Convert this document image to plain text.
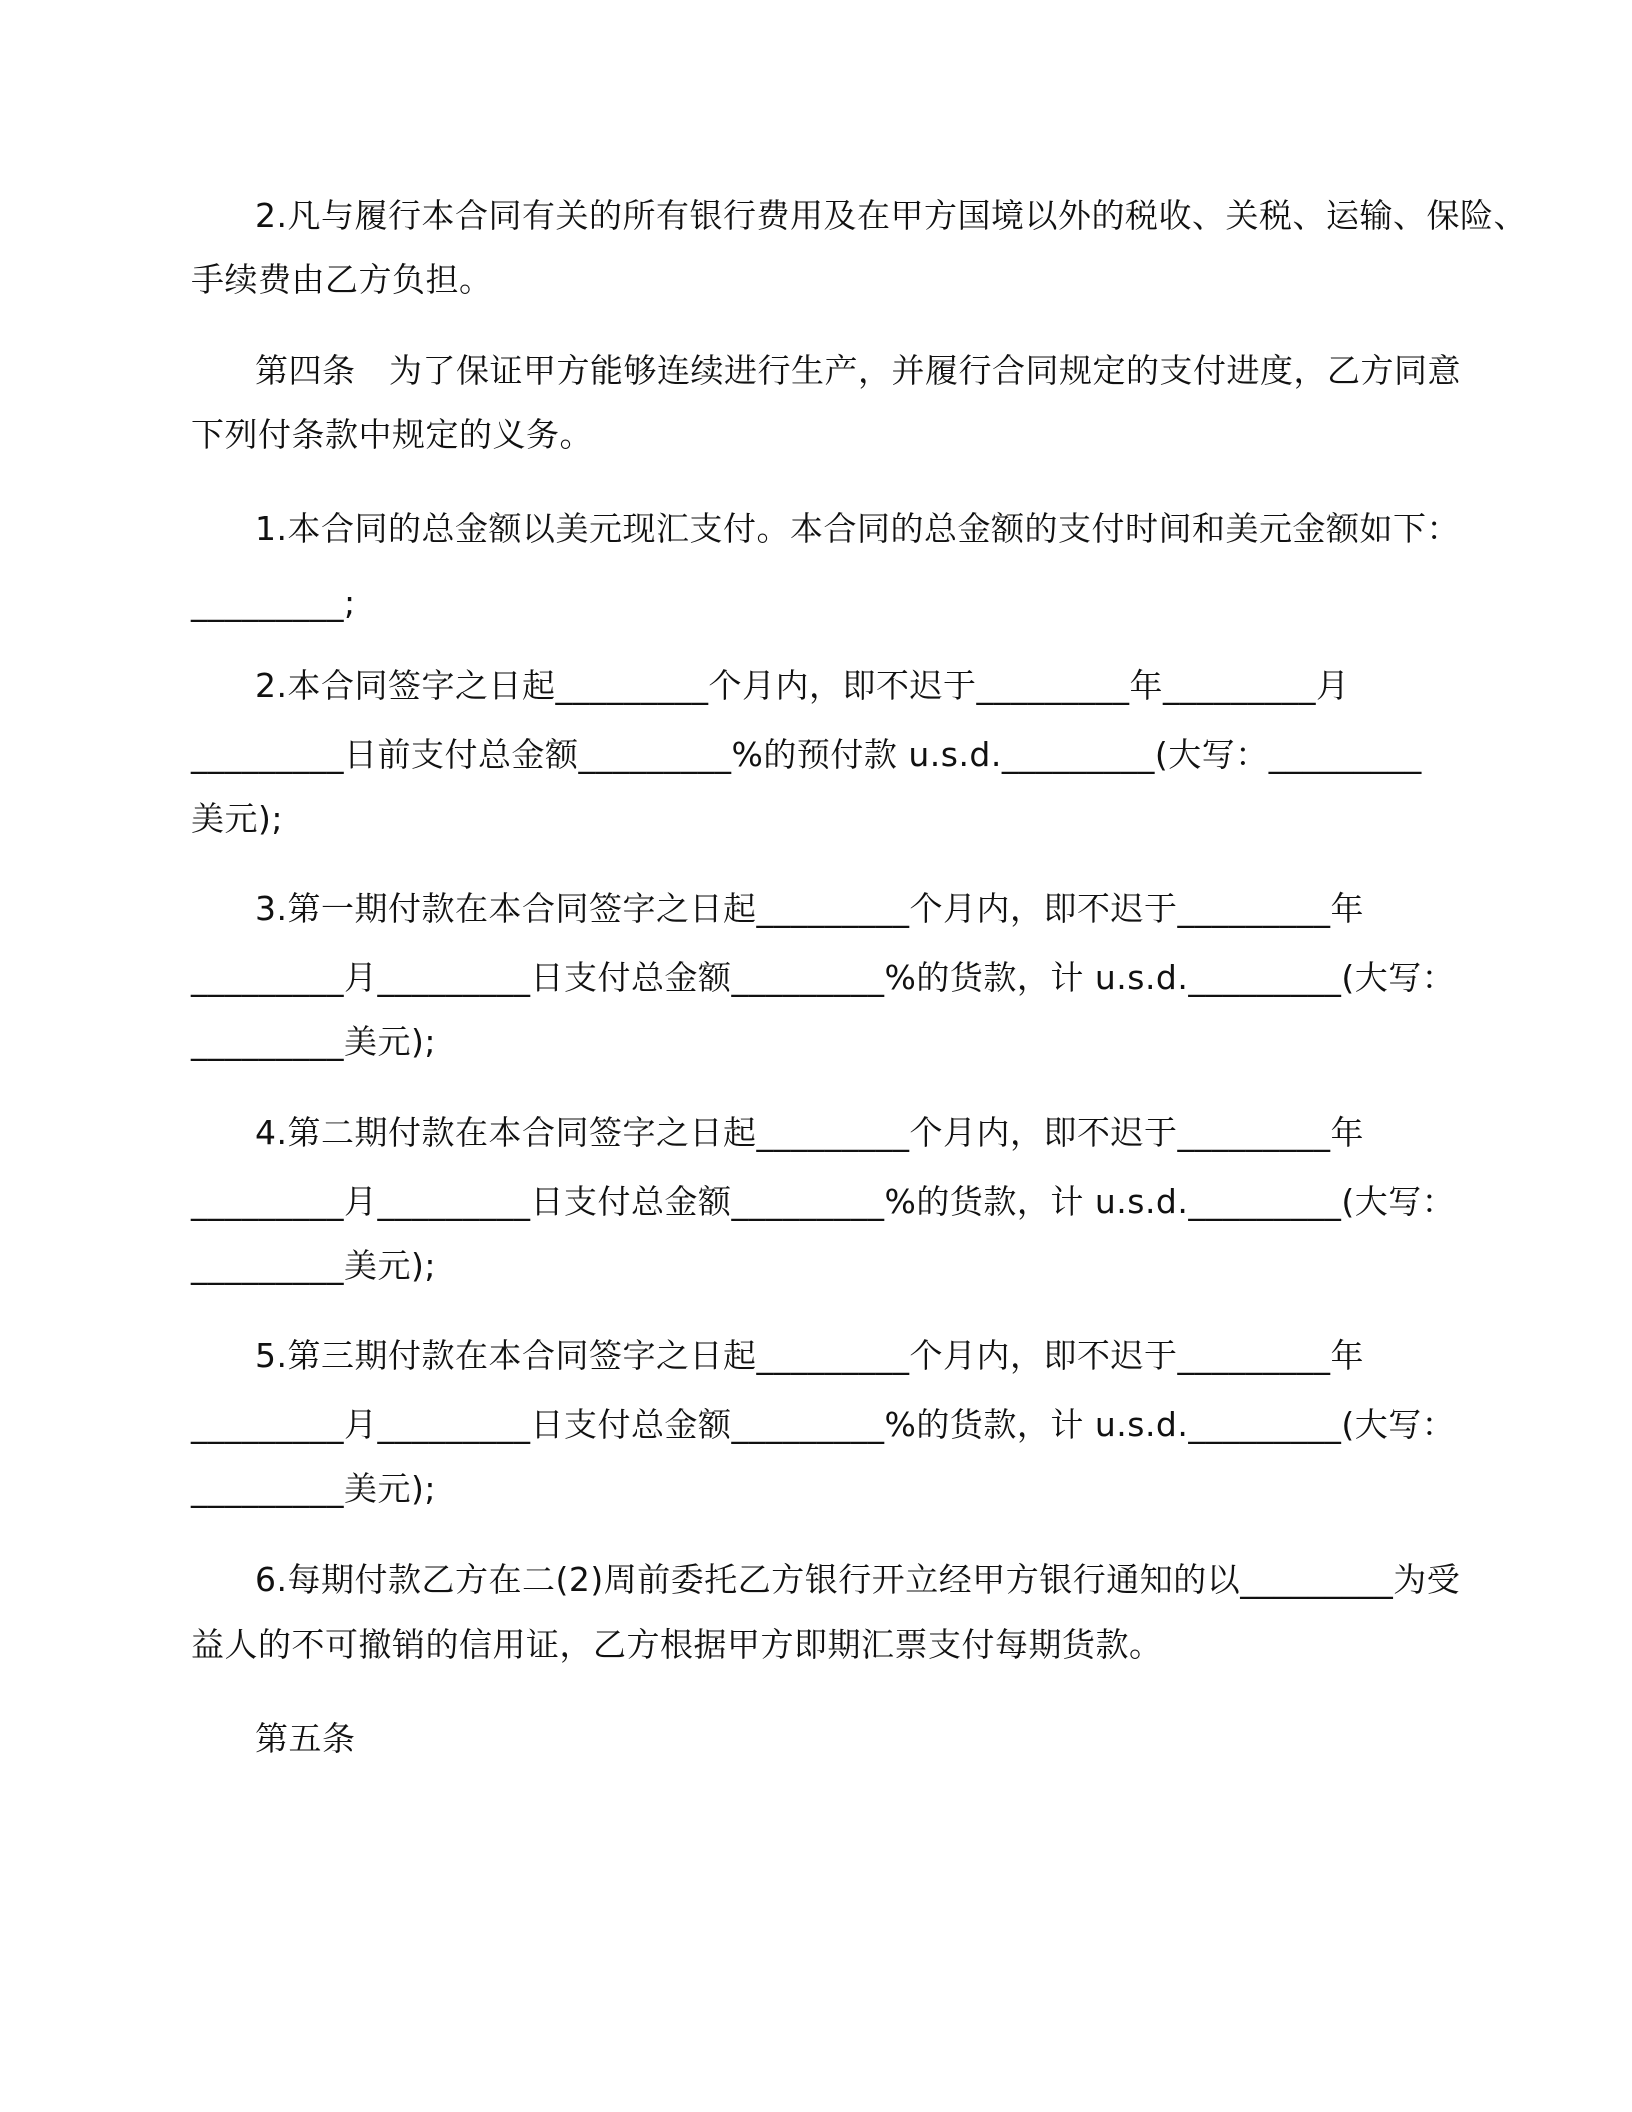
2.凡与履行本合同有关的所有银行费用及在甲方国境以外的税收、关税、运输、保险、
手续费由乙方负担。
第四条　为了保证甲方能够连续进行生产，并履行合同规定的支付进度，乙方同意
下列付条款中规定的义务。
1.本合同的总金额以美元现汇支付。本合同的总金额的支付时间和美元金额如下：
_________;
2.本合同签字之日起_________个月内，即不迟于_________年_________月
_________日前支付总金额_________%的预付款 u.s.d._________(大写：_________
美元);
3.第一期付款在本合同签字之日起_________个月内，即不迟于_________年
_________月_________日支付总金额_________%的货款，计 u.s.d._________(大写：
_________美元);
4.第二期付款在本合同签字之日起_________个月内，即不迟于_________年
_________月_________日支付总金额_________%的货款，计 u.s.d._________(大写：
_________美元);
5.第三期付款在本合同签字之日起_________个月内，即不迟于_________年
_________月_________日支付总金额_________%的货款，计 u.s.d._________(大写：
_________美元);
6.每期付款乙方在二(2)周前委托乙方银行开立经甲方银行通知的以_________为受
益人的不可撤销的信用证，乙方根据甲方即期汇票支付每期货款。
第五条
